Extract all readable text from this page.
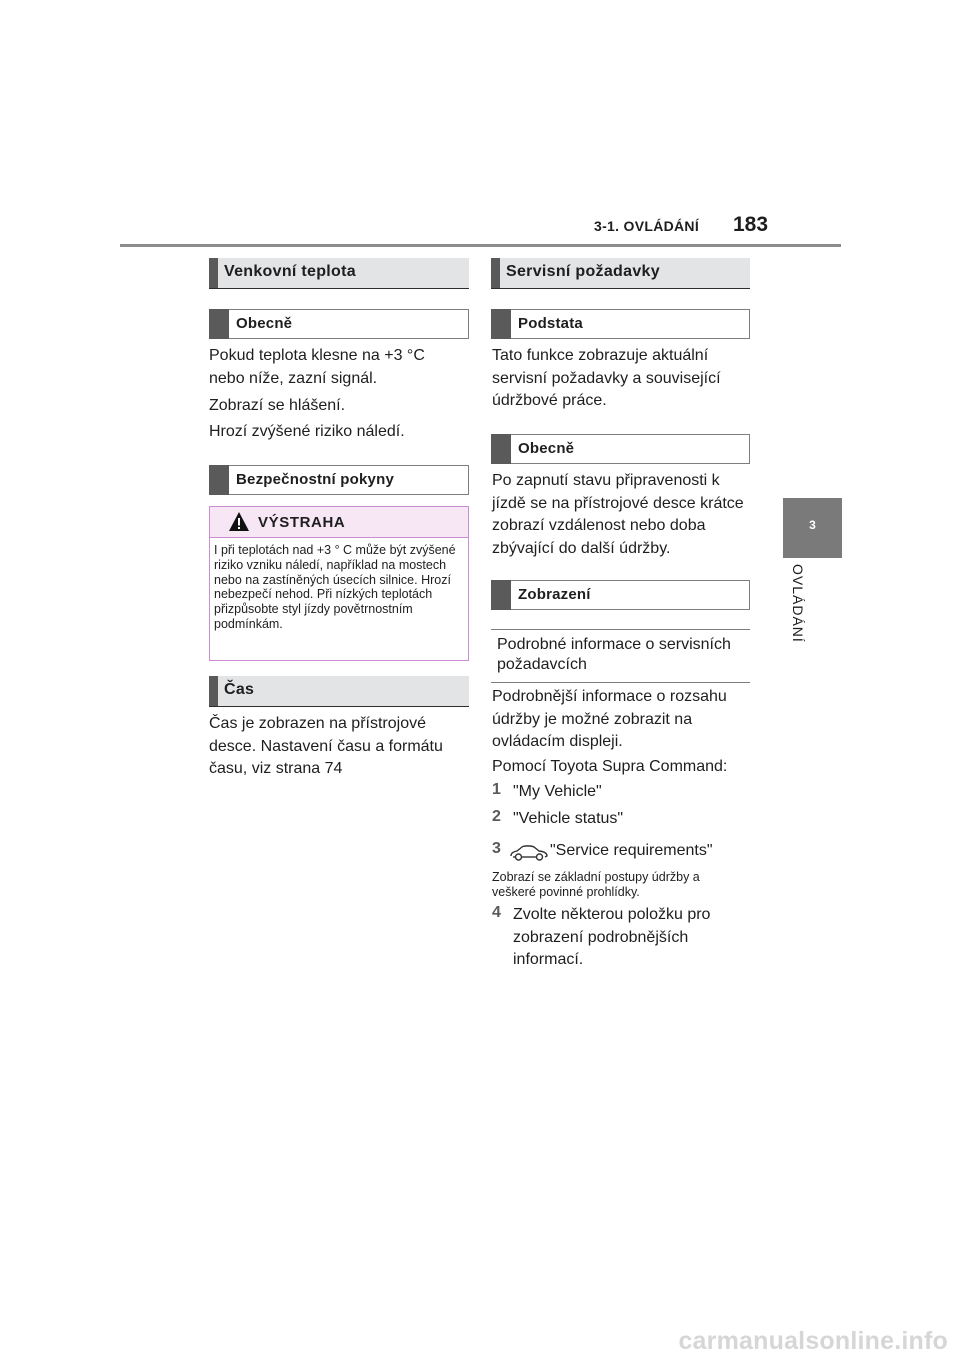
3-1. OVLÁDÁNÍ 183
3
OVLÁDÁNÍ
Venkovní teplota
Obecně
Pokud teplota klesne na +3 °C nebo níže, zazní signál.
Zobrazí se hlášení.
Hrozí zvýšené riziko náledí.
Bezpečnostní pokyny
VÝSTRAHA
I při teplotách nad +3 ° C může být zvýšené riziko vzniku náledí, například na mostech nebo na zastíněných úsecích silnice. Hrozí nebezpečí nehod. Při nízkých teplotách přizpůsobte styl jízdy povětrnostním podmínkám.
Čas
Čas je zobrazen na přístrojové desce. Nastavení času a formátu času, viz strana 74
Servisní požadavky
Podstata
Tato funkce zobrazuje aktuální servisní požadavky a související údržbové práce.
Obecně
Po zapnutí stavu připravenosti k jízdě se na přístrojové desce krátce zobrazí vzdálenost nebo doba zbývající do další údržby.
Zobrazení
Podrobné informace o servisních požadavcích
Podrobnější informace o rozsahu údržby je možné zobrazit na ovládacím displeji.
Pomocí Toyota Supra Command:
1 "My Vehicle"
2 "Vehicle status"
3	"Service requirements"
Zobrazí se základní postupy údržby a veškeré povinné prohlídky.
4 Zvolte některou položku pro zobrazení podrobnějších informací.
carmanualsonline.info
